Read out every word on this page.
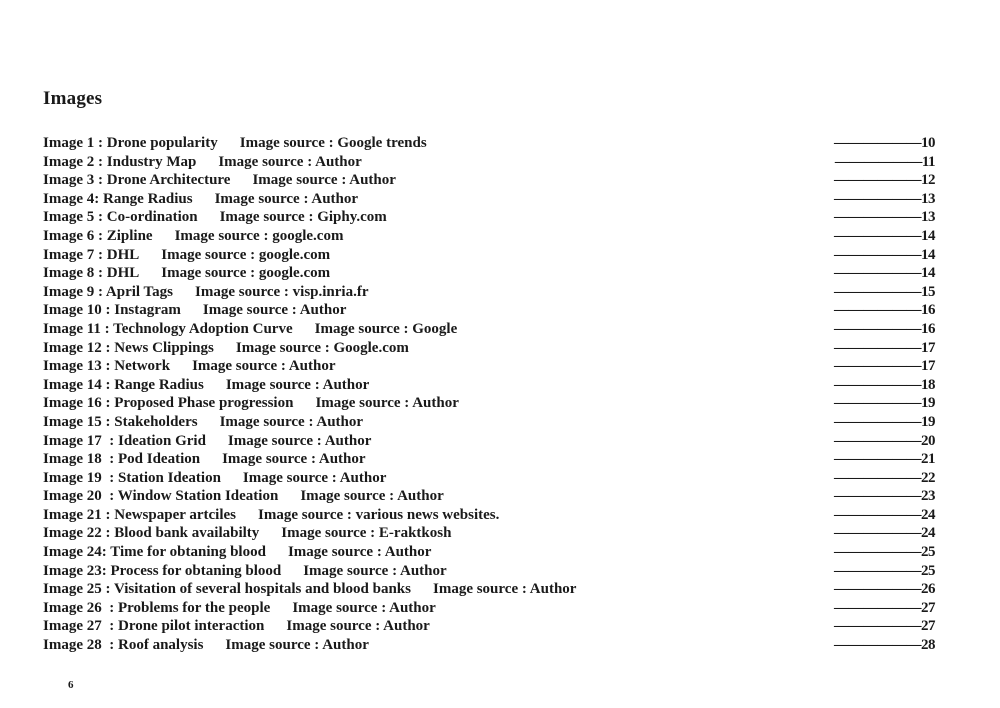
Images
Image 1 : Drone popularity Image source : Google trends	——————10
Image 2 : Industry Map Image source : Author	——————11
Image 3 : Drone Architecture Image source : Author	——————12
Image 4: Range Radius Image source : Author	——————13
Image 5 : Co-ordination Image source : Giphy.com	——————13
Image 6 : Zipline Image source : google.com	——————14
Image 7 : DHL Image source : google.com	——————14
Image 8 : DHL Image source : google.com	——————14
Image 9 : April Tags Image source : visp.inria.fr	——————15
Image 10 : Instagram Image source : Author	——————16
Image 11 : Technology Adoption Curve Image source : Google	——————16
Image 12 : News Clippings Image source : Google.com	——————17
Image 13 : Network Image source : Author	——————17
Image 14 : Range Radius Image source : Author	——————18
Image 16 : Proposed Phase progression Image source : Author	——————19
Image 15 : Stakeholders Image source : Author	——————19
Image 17  : Ideation Grid Image source : Author	——————20
Image 18  : Pod Ideation Image source : Author	——————21
Image 19  : Station Ideation Image source : Author	——————22
Image 20  : Window Station Ideation Image source : Author	——————23
Image 21 : Newspaper artciles Image source : various news websites.	——————24
Image 22 : Blood bank availabilty Image source : E-raktkosh	——————24
Image 24: Time for obtaning blood Image source : Author	——————25
Image 23: Process for obtaning blood Image source : Author	——————25
Image 25 : Visitation of several hospitals and blood banks Image source : Author	——————26
Image 26  : Problems for the people Image source : Author	——————27
Image 27  : Drone pilot interaction Image source : Author	——————27
Image 28  : Roof analysis Image source : Author	——————28
6
